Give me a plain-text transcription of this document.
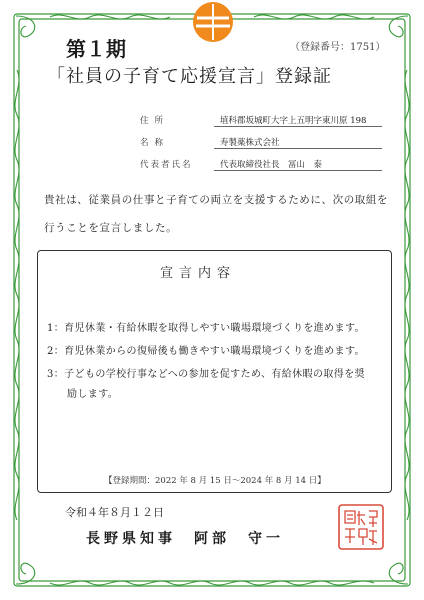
第１期	（登録番号：1751）
「社員の子育て応援宣言」登録証
住所	埴科郡坂城町大字上五明字東川原 198
名称	寿製薬株式会社
代表者氏名	代表取締役社長　冨山　泰
貴社は、従業員の仕事と子育ての両立を支援するために、次の取組を
行うことを宣言しました。
宣言内容
1：育児休業・有給休暇を取得しやすい職場環境づくりを進めます。
2：育児休業からの復帰後も働きやすい職場環境づくりを進めます。
3：子どもの学校行事などへの参加を促すため、有給休暇の取得を奨
励します。
【登録期間：2022 年 8 月 15 日～2024 年 8 月 14 日】
令和４年８月１２日
長野県知事　阿部　守一
